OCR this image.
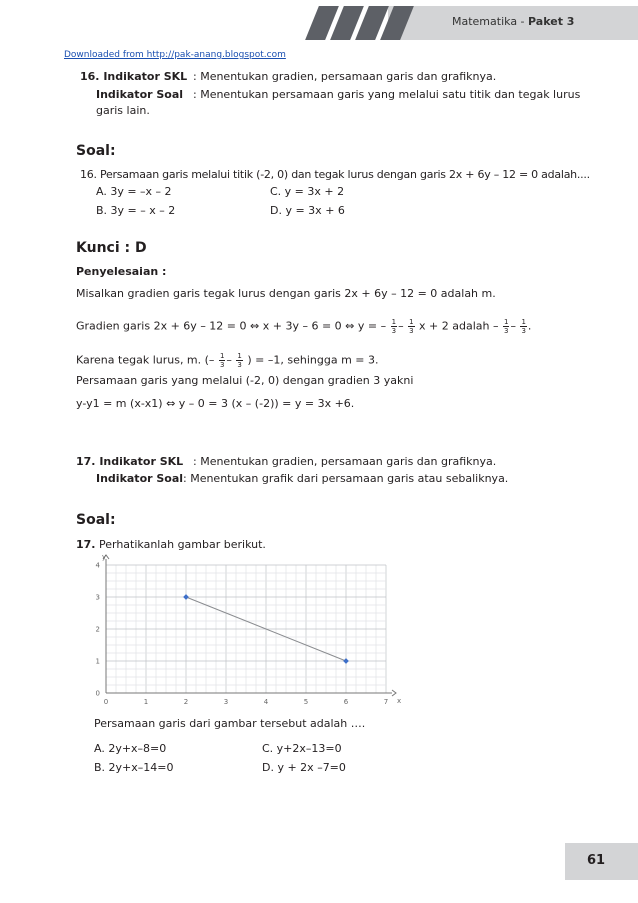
Matematika - Paket 3
Downloaded from http://pak-anang.blogspot.com
16. Indikator SKL : Menentukan gradien, persamaan garis dan grafiknya.
Indikator Soal : Menentukan persamaan garis yang melalui satu titik dan tegak lurus
garis lain.
Soal:
16. Persamaan garis melalui titik (-2, 0) dan tegak lurus dengan garis 2x + 6y – 12 = 0 adalah....
A. 3y = –x – 2	C. y = 3x + 2
B. 3y = – x – 2	D. y = 3x + 6
Kunci : D
Penyelesaian :
Misalkan gradien garis tegak lurus dengan garis 2x + 6y – 12 = 0 adalah m.
Gradien garis 2x + 6y – 12 = 0 ⇔ x + 3y – 6 = 0 ⇔ y = – $\frac{1}{3} - \frac{1}{3}$ x + 2 adalah – $\frac{1}{3} - \frac{1}{3}$ .
Karena tegak lurus, m. (– $\frac{1}{3} - \frac{1}{3}$ ) = –1, sehingga m = 3.
Persamaan garis yang melalui (-2, 0) dengan gradien 3 yakni
y-y1 = m (x-x1) ⇔ y – 0 = 3 (x – (-2)) = y = 3x +6.
17. Indikator SKL : Menentukan gradien, persamaan garis dan grafiknya.
Indikator Soal : Menentukan grafik dari persamaan garis atau sebaliknya.
Soal:
17. Perhatikanlah gambar berikut.
x
y
0	1	2	3	4	5	6	7
0
1
2
3
4
Persamaan garis dari gambar tersebut adalah ….
A. 2y+x–8=0	C. y+2x–13=0
B. 2y+x–14=0	D. y + 2x –7=0
61
